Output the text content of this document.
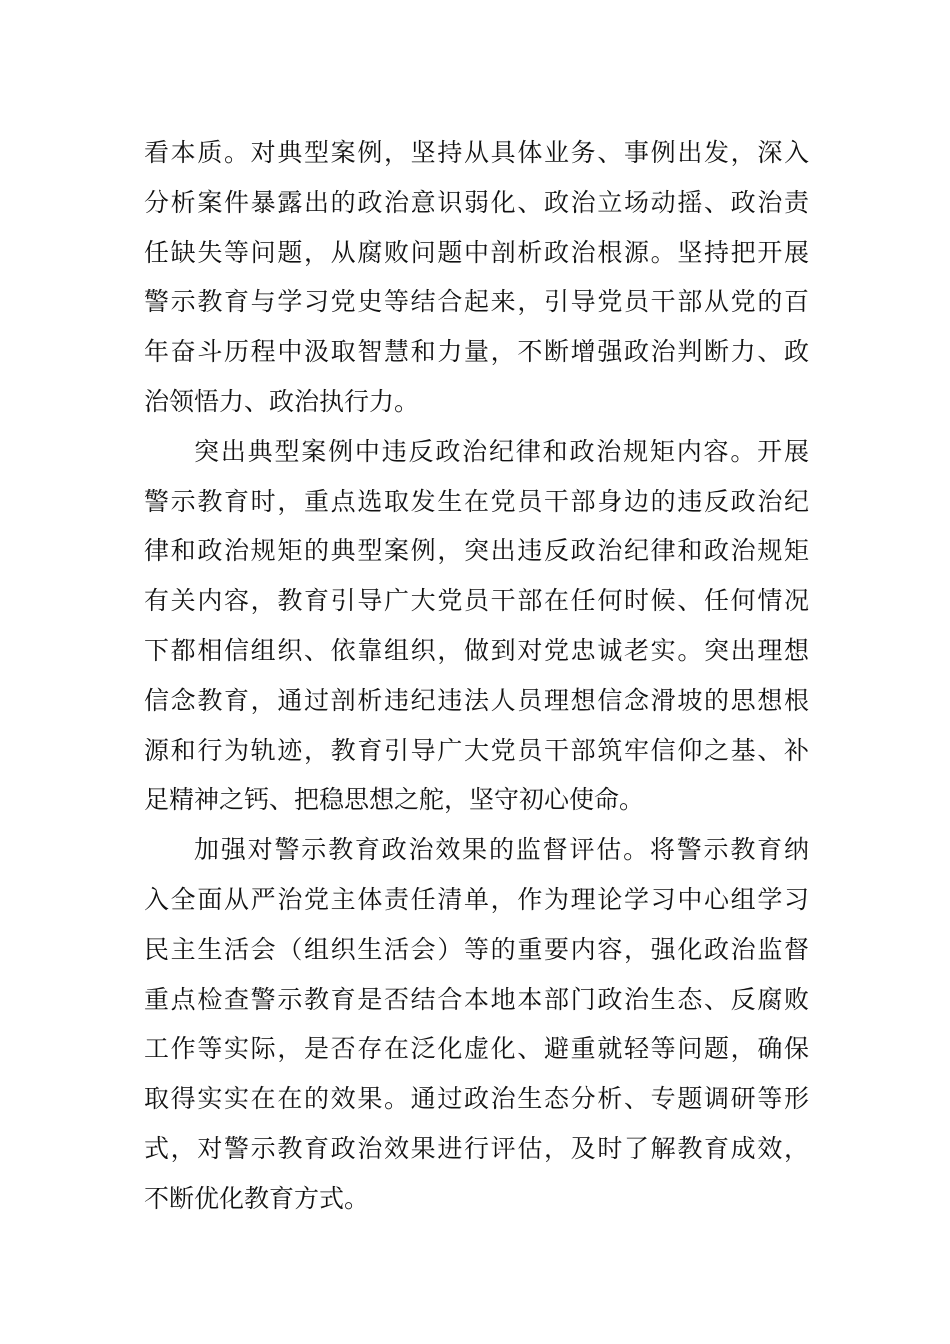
看本质。对典型案例，坚持从具体业务、事例出发，深入
分析案件暴露出的政治意识弱化、政治立场动摇、政治责
任缺失等问题，从腐败问题中剖析政治根源。坚持把开展
警示教育与学习党史等结合起来，引导党员干部从党的百
年奋斗历程中汲取智慧和力量，不断增强政治判断力、政
治领悟力、政治执行力。
突出典型案例中违反政治纪律和政治规矩内容。开展
警示教育时，重点选取发生在党员干部身边的违反政治纪
律和政治规矩的典型案例，突出违反政治纪律和政治规矩
有关内容，教育引导广大党员干部在任何时候、任何情况
下都相信组织、依靠组织，做到对党忠诚老实。突出理想
信念教育，通过剖析违纪违法人员理想信念滑坡的思想根
源和行为轨迹，教育引导广大党员干部筑牢信仰之基、补
足精神之钙、把稳思想之舵，坚守初心使命。
加强对警示教育政治效果的监督评估。将警示教育纳
入全面从严治党主体责任清单，作为理论学习中心组学习
民主生活会（组织生活会）等的重要内容，强化政治监督
重点检查警示教育是否结合本地本部门政治生态、反腐败
工作等实际，是否存在泛化虚化、避重就轻等问题，确保
取得实实在在的效果。通过政治生态分析、专题调研等形
式，对警示教育政治效果进行评估，及时了解教育成效，
不断优化教育方式。
